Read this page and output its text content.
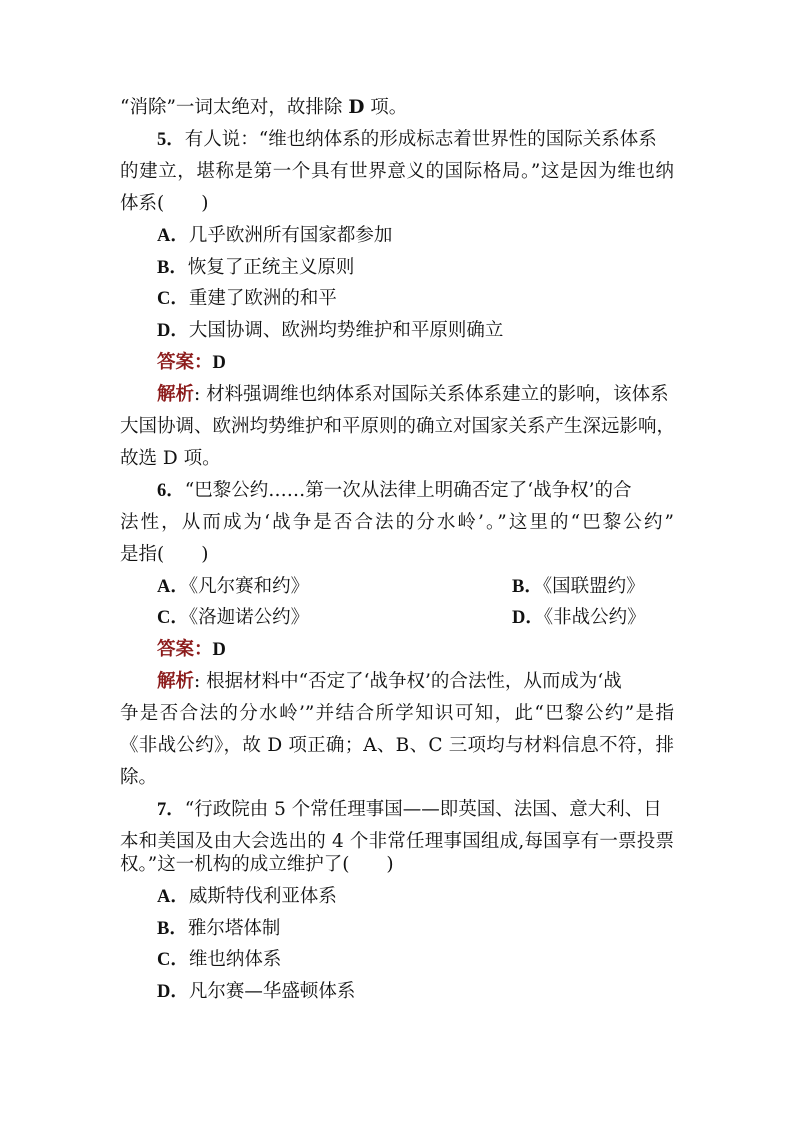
“消除”一词太绝对，故排除 D 项。
5．有人说：“维也纳体系的形成标志着世界性的国际关系体系
的建立，堪称是第一个具有世界意义的国际格局。”这是因为维也纳
体系(　　)
A．几乎欧洲所有国家都参加
B．恢复了正统主义原则
C．重建了欧洲的和平
D．大国协调、欧洲均势维护和平原则确立
答案：D
解析: 材料强调维也纳体系对国际关系体系建立的影响，该体系
大国协调、欧洲均势维护和平原则的确立对国家关系产生深远影响，
故选 D 项。
6．“巴黎公约……第一次从法律上明确否定了‘战争权’的合
法性，从而成为‘战争是否合法的分水岭’。”这里的“巴黎公约”
是指(　　)
A．《凡尔赛和约》	B．《国联盟约》
C．《洛迦诺公约》	D．《非战公约》
答案：D
解析: 根据材料中“否定了‘战争权’的合法性，从而成为‘战
争是否合法的分水岭’”并结合所学知识可知，此“巴黎公约”是指
《非战公约》，故 D 项正确；A、B、C 三项均与材料信息不符，排
除。
7．“行政院由 5 个常任理事国——即英国、法国、意大利、日
本和美国及由大会选出的 4 个非常任理事国组成,每国享有一票投票
权。”这一机构的成立维护了(　　)
A．威斯特伐利亚体系
B．雅尔塔体制
C．维也纳体系
D．凡尔赛—华盛顿体系
